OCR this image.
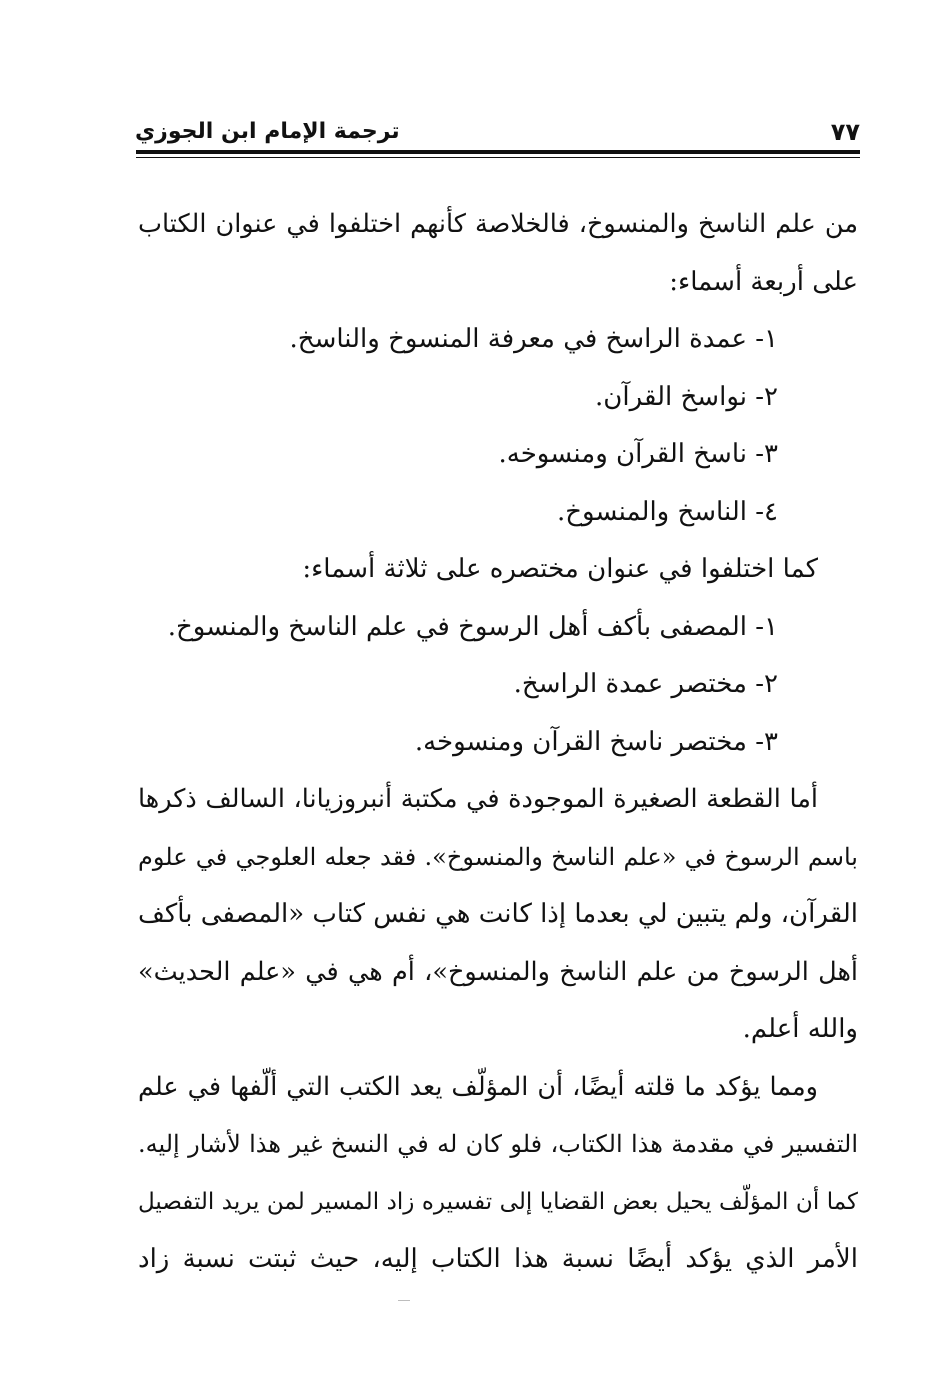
٧٧
ترجمة الإمام ابن الجوزي
من علم الناسخ والمنسوخ، فالخلاصة كأنهم اختلفوا في عنوان الكتاب
على أربعة أسماء:
١- عمدة الراسخ في معرفة المنسوخ والناسخ.
٢- نواسخ القرآن.
٣- ناسخ القرآن ومنسوخه.
٤- الناسخ والمنسوخ.
كما اختلفوا في عنوان مختصره على ثلاثة أسماء:
١- المصفى بأكف أهل الرسوخ في علم الناسخ والمنسوخ.
٢- مختصر عمدة الراسخ.
٣- مختصر ناسخ القرآن ومنسوخه.
أما القطعة الصغيرة الموجودة في مكتبة أنبروزيانا، السالف ذكرها
باسم الرسوخ في «علم الناسخ والمنسوخ». فقد جعله العلوجي في علوم
القرآن، ولم يتبين لي بعدما إذا كانت هي نفس كتاب «المصفى بأكف
أهل الرسوخ من علم الناسخ والمنسوخ»، أم هي في «علم الحديث»
والله أعلم.
ومما يؤكد ما قلته أيضًا، أن المؤلّف يعد الكتب التي ألّفها في علم
التفسير في مقدمة هذا الكتاب، فلو كان له في النسخ غير هذا لأشار إليه.
كما أن المؤلّف يحيل بعض القضايا إلى تفسيره زاد المسير لمن يريد التفصيل
الأمر الذي يؤكد أيضًا نسبة هذا الكتاب إليه، حيث ثبتت نسبة زاد
